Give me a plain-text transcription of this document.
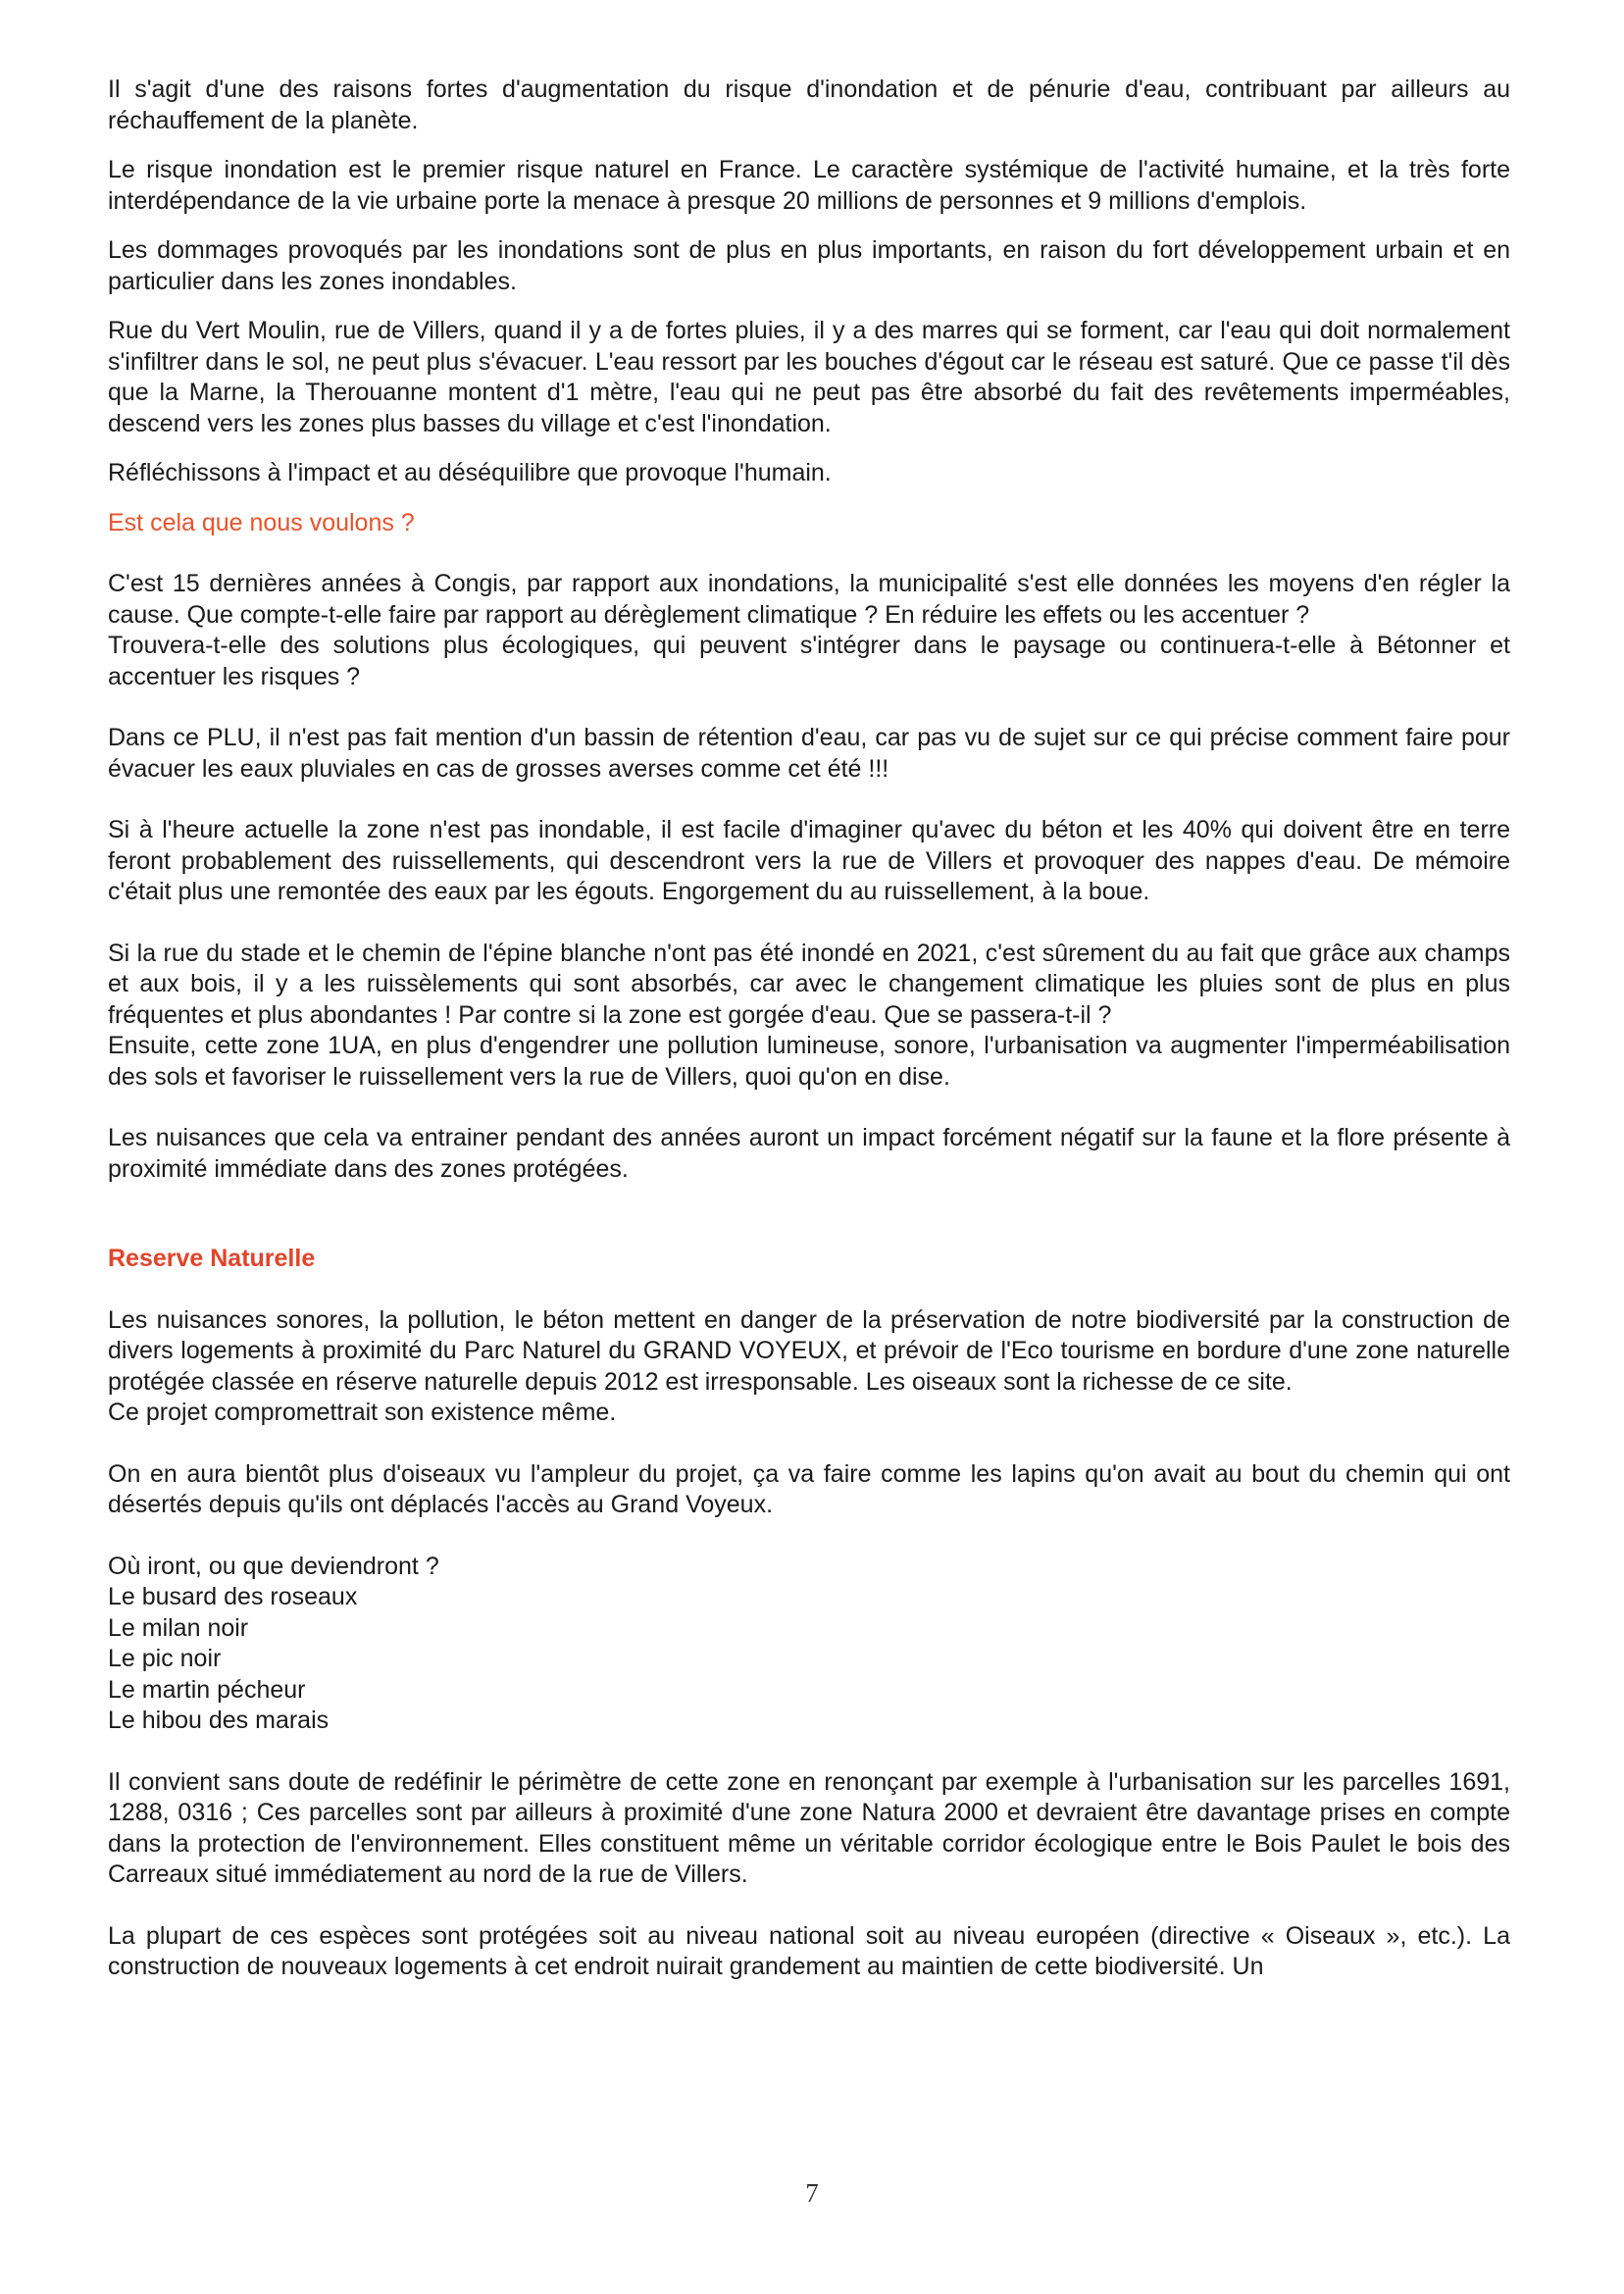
Il s'agit d'une des raisons fortes d'augmentation du risque d'inondation et de pénurie d'eau, contribuant par ailleurs au réchauffement de la planète.

Le risque inondation est le premier risque naturel en France. Le caractère systémique de l'activité humaine, et la très forte interdépendance de la vie urbaine porte la menace à presque 20 millions de personnes et 9 millions d'emplois.

Les dommages provoqués par les inondations sont de plus en plus importants, en raison du fort développement urbain et en particulier dans les zones inondables.

Rue du Vert Moulin, rue de Villers, quand il y a de fortes pluies, il y a des marres qui se forment, car l'eau qui doit normalement s'infiltrer dans le sol, ne peut plus s'évacuer. L'eau ressort par les bouches d'égout car le réseau est saturé. Que ce passe t'il dès que la Marne, la Therouanne montent d'1 mètre, l'eau qui ne peut pas être absorbé du fait des revêtements imperméables, descend vers les zones plus basses du village et c'est l'inondation.

Réfléchissons à l'impact et au déséquilibre que provoque l'humain.

Est cela que nous voulons ?

C'est 15 dernières années à Congis, par rapport aux inondations, la municipalité s'est elle données les moyens d'en régler la cause. Que compte-t-elle faire par rapport au dérèglement climatique ? En réduire les effets ou les accentuer ?

Trouvera-t-elle des solutions plus écologiques, qui peuvent s'intégrer dans le paysage ou continuera-t-elle à Bétonner et accentuer les risques ?

Dans ce PLU, il n'est pas fait mention d'un bassin de rétention d'eau, car pas vu de sujet sur ce qui précise comment faire pour évacuer les eaux pluviales en cas de grosses averses comme cet été !!!

Si à l'heure actuelle la zone n'est pas inondable, il est facile d'imaginer qu'avec du béton et les 40% qui doivent être en terre feront probablement des ruissellements, qui descendront vers la rue de Villers et provoquer des nappes d'eau. De mémoire c'était plus une remontée des eaux par les égouts. Engorgement du au ruissellement, à la boue.

Si la rue du stade et le chemin de l'épine blanche n'ont pas été inondé en 2021, c'est sûrement du au fait que grâce aux champs et aux bois, il y a les ruissèlements qui sont absorbés, car avec le changement climatique les pluies sont de plus en plus fréquentes et plus abondantes ! Par contre si la zone est gorgée d'eau. Que se passera-t-il ?

Ensuite, cette zone 1UA, en plus d'engendrer une pollution lumineuse, sonore, l'urbanisation va augmenter l'imperméabilisation des sols et favoriser le ruissellement vers la rue de Villers, quoi qu'on en dise.

Les nuisances que cela va entrainer pendant des années auront un impact forcément négatif sur la faune et la flore présente à proximité immédiate dans des zones protégées.

Reserve Naturelle

Les nuisances sonores, la pollution, le béton mettent en danger de la préservation de notre biodiversité par la construction de divers logements à proximité du Parc Naturel du GRAND VOYEUX, et prévoir de l'Eco tourisme en bordure d'une zone naturelle protégée classée en réserve naturelle depuis 2012 est irresponsable. Les oiseaux sont la richesse de ce site.

Ce projet compromettrait son existence même.

On en aura bientôt plus d'oiseaux vu l'ampleur du projet, ça va faire comme les lapins qu'on avait au bout du chemin qui ont désertés depuis qu'ils ont déplacés l'accès au Grand Voyeux.

Où iront, ou que deviendront ?
Le busard des roseaux
Le milan noir
Le pic noir
Le martin pécheur
Le hibou des marais

Il convient sans doute de redéfinir le périmètre de cette zone en renonçant par exemple à l'urbanisation sur les parcelles 1691, 1288, 0316 ; Ces parcelles sont par ailleurs à proximité d'une zone Natura 2000 et devraient être davantage prises en compte dans la protection de l'environnement. Elles constituent même un véritable corridor écologique entre le Bois Paulet le bois des Carreaux situé immédiatement au nord de la rue de Villers.

La plupart de ces espèces sont protégées soit au niveau national soit au niveau européen (directive « Oiseaux », etc.). La construction de nouveaux logements à cet endroit nuirait grandement au maintien de cette biodiversité. Un

7
